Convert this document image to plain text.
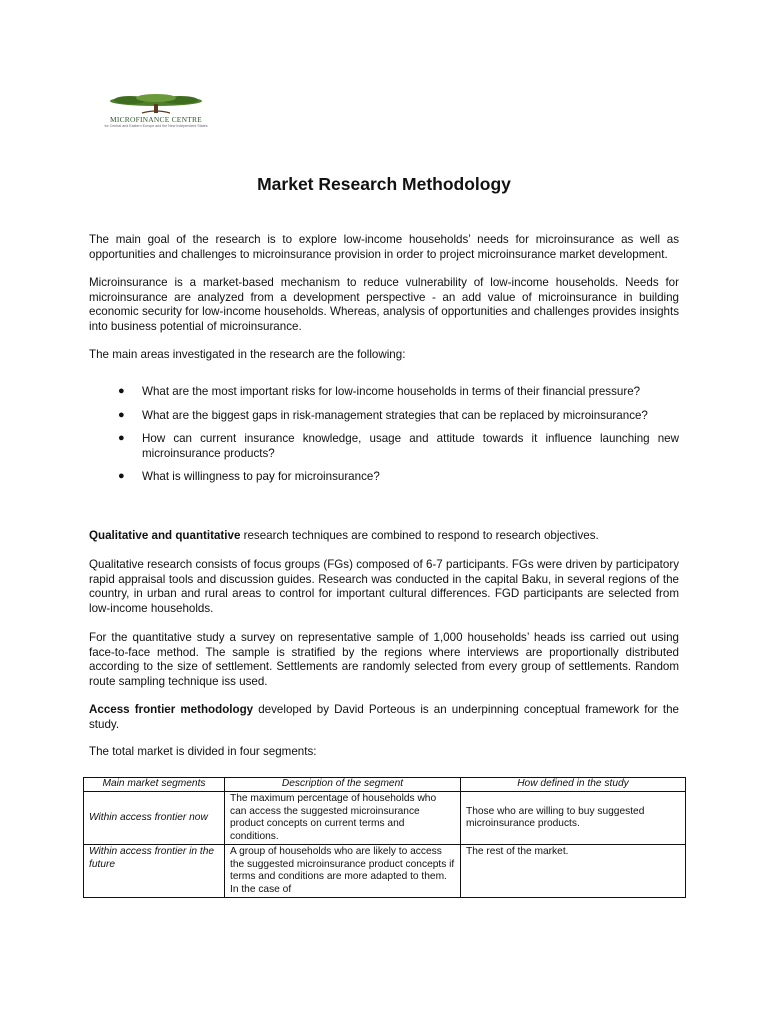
MICROFINANCE CENTRE
for Central and Eastern Europe and the New Independent States
Market Research Methodology

The main goal of the research is to explore low-income households’ needs for microinsurance as well as opportunities and challenges to microinsurance provision in order to project microinsurance market development.

Microinsurance is a market-based mechanism to reduce vulnerability of low-income households. Needs for microinsurance are analyzed from a development perspective - an add value of microinsurance in building economic security for low-income households. Whereas, analysis of opportunities and challenges provides insights into business potential of microinsurance.

The main areas investigated in the research are the following:

● What are the most important risks for low-income households in terms of their financial pressure?
● What are the biggest gaps in risk-management strategies that can be replaced by microinsurance?
● How can current insurance knowledge, usage and attitude towards it influence launching new microinsurance products?
● What is willingness to pay for microinsurance?

Qualitative and quantitative research techniques are combined to respond to research objectives.

Qualitative research consists of focus groups (FGs) composed of 6-7 participants. FGs were driven by participatory rapid appraisal tools and discussion guides. Research was conducted in the capital Baku, in several regions of the country, in urban and rural areas to control for important cultural differences. FGD participants are selected from low-income households.

For the quantitative study a survey on representative sample of 1,000 households’ heads iss carried out using face-to-face method. The sample is stratified by the regions where interviews are proportionally distributed according to the size of settlement. Settlements are randomly selected from every group of settlements. Random route sampling technique iss used.

Access frontier methodology developed by David Porteous is an underpinning conceptual framework for the study.

The total market is divided in four segments:

Main market segments	Description of the segment	How defined in the study
Within access frontier now	The maximum percentage of households who can access the suggested microinsurance product concepts on current terms and conditions.	Those who are willing to buy suggested microinsurance products.
Within access frontier in the future	A group of households who are likely to access the suggested microinsurance product concepts if terms and conditions are more adapted to them. In the case of	The rest of the market.
